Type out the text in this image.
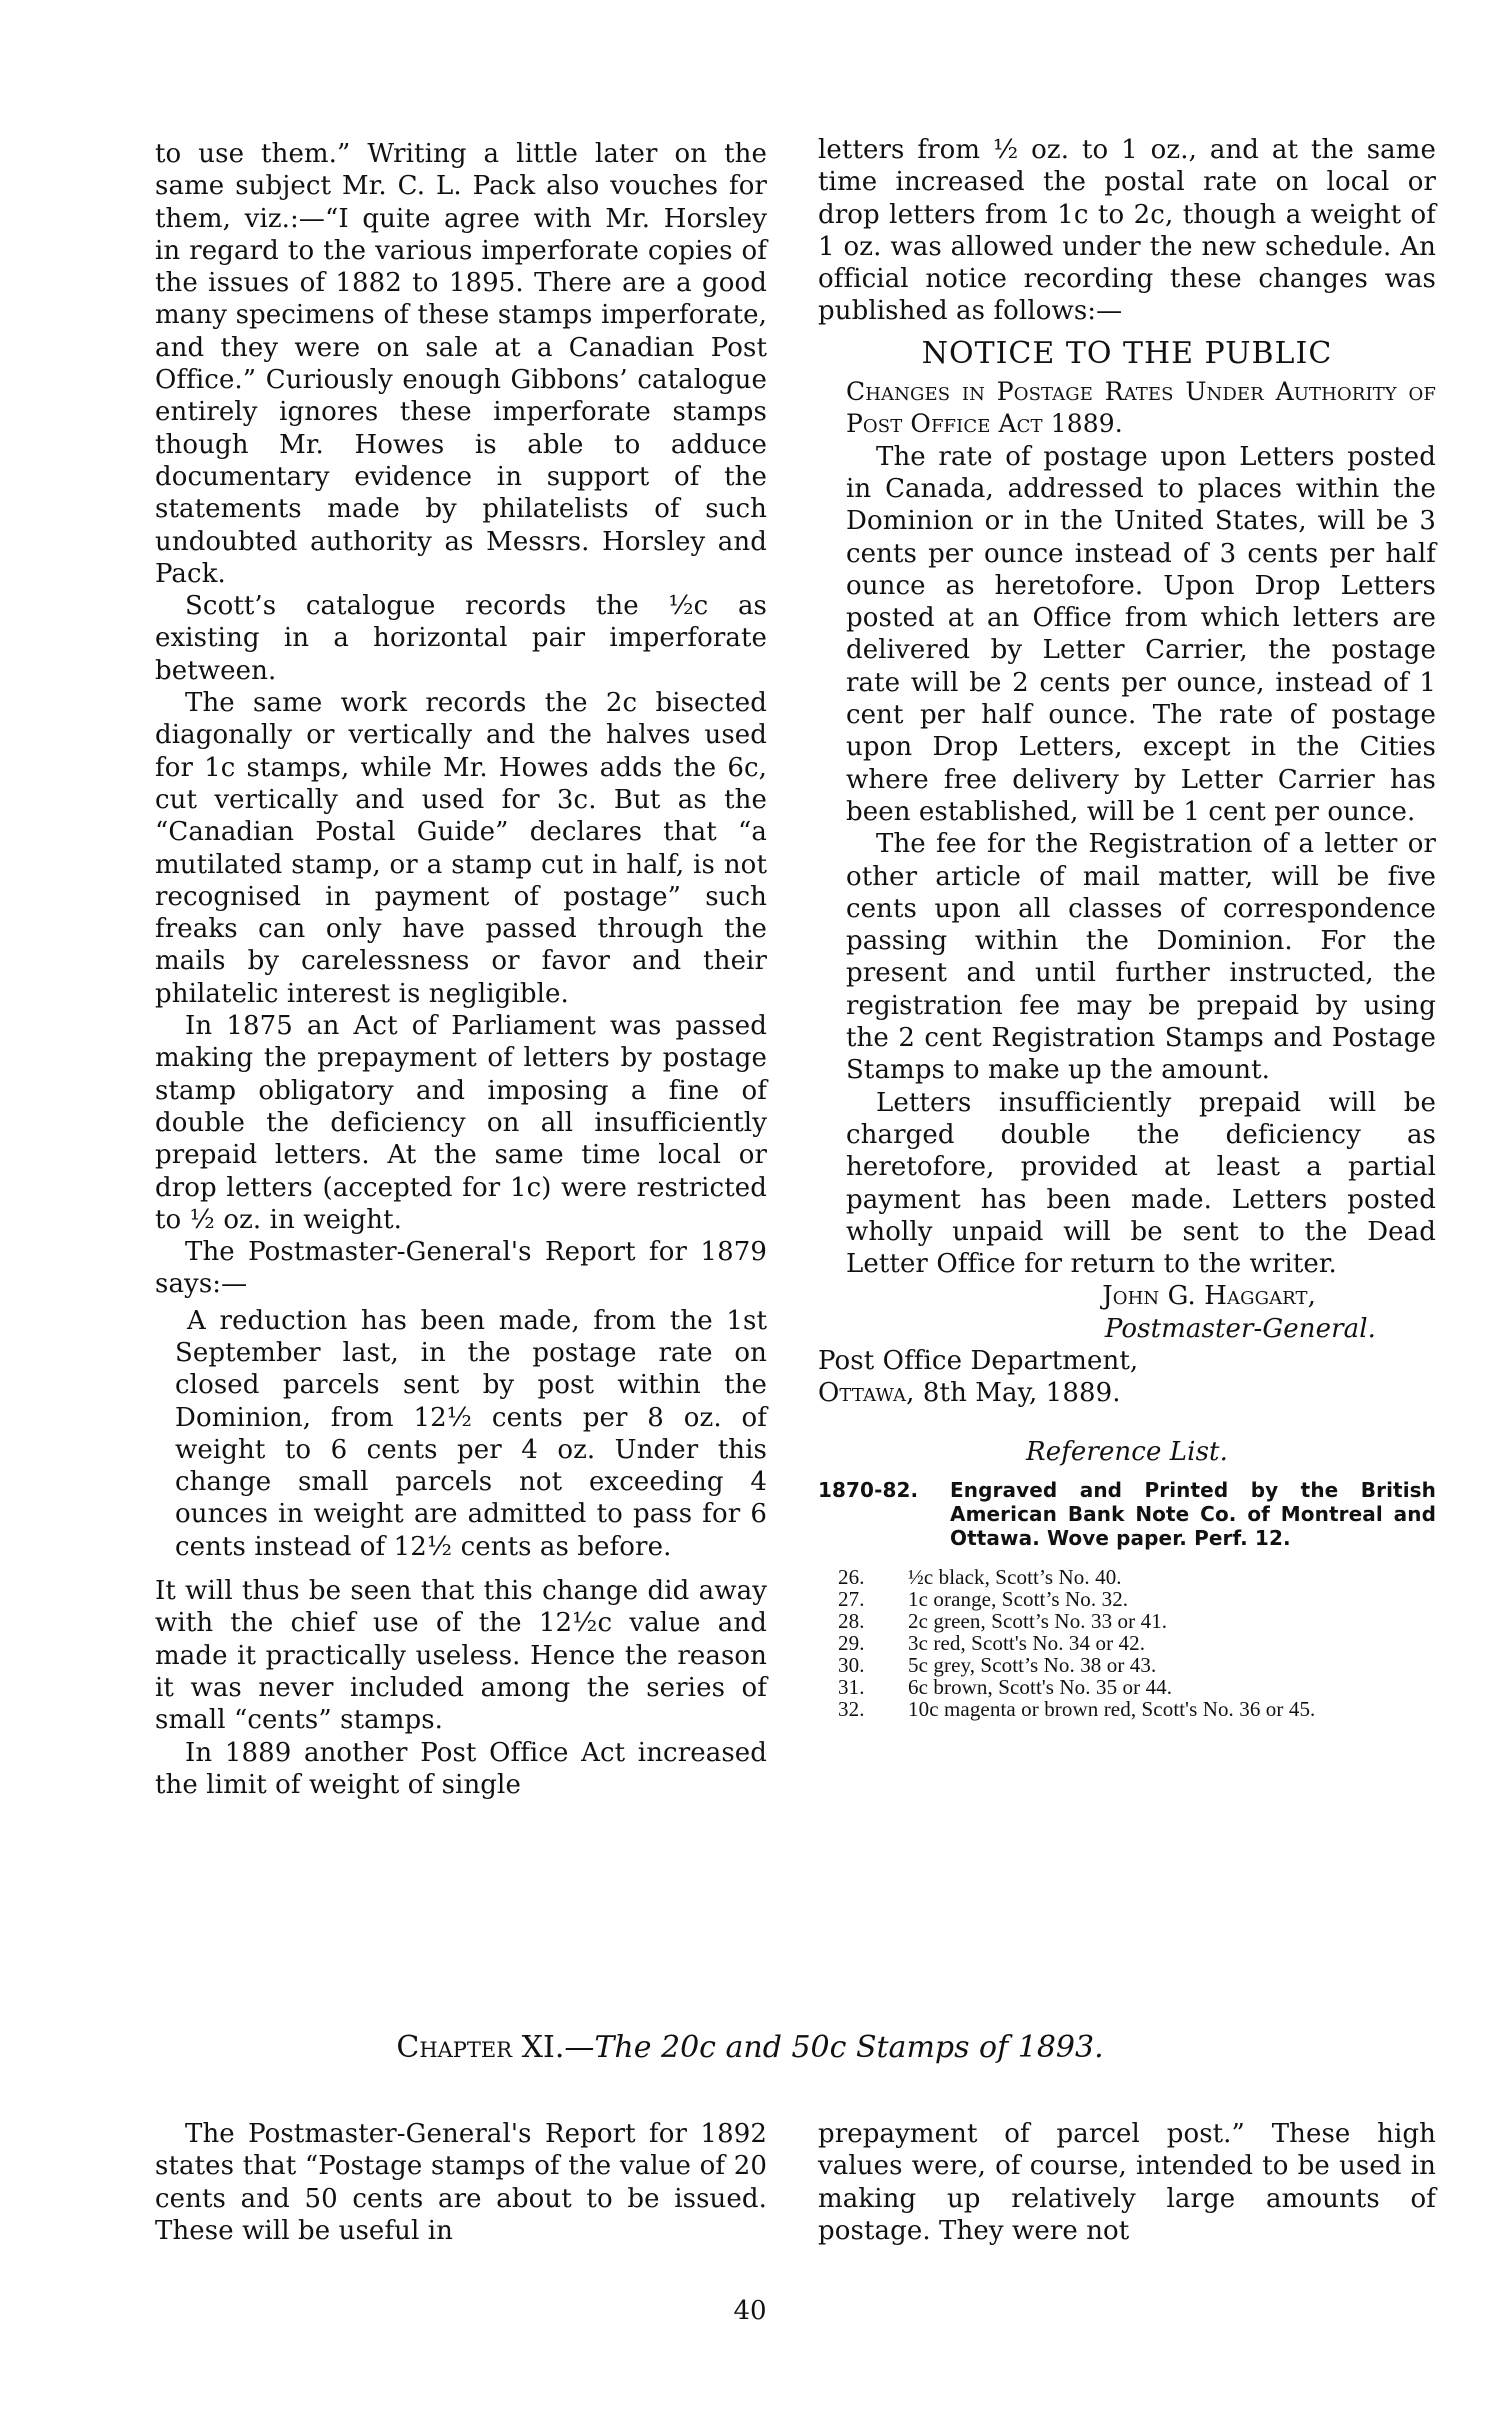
to use them.” Writing a little later on the same subject Mr. C. L. Pack also vouches for them, viz.:—“I quite agree with Mr. Horsley in regard to the various imperforate copies of the issues of 1882 to 1895. There are a good many specimens of these stamps imperforate, and they were on sale at a Canadian Post Office.” Curiously enough Gibbons’ catalogue entirely ignores these imperforate stamps though Mr. Howes is able to adduce documentary evidence in support of the statements made by philatelists of such undoubted authority as Messrs. Horsley and Pack.

Scott’s catalogue records the ½c as existing in a horizontal pair imperforate between.

The same work records the 2c bisected diagonally or vertically and the halves used for 1c stamps, while Mr. Howes adds the 6c, cut vertically and used for 3c. But as the “Canadian Postal Guide” declares that “a mutilated stamp, or a stamp cut in half, is not recognised in payment of postage” such freaks can only have passed through the mails by carelessness or favor and their philatelic interest is negligible.

In 1875 an Act of Parliament was passed making the prepayment of letters by postage stamp obligatory and imposing a fine of double the deficiency on all insufficiently prepaid letters. At the same time local or drop letters (accepted for 1c) were restricted to ½ oz. in weight.

The Postmaster-General's Report for 1879 says:—

A reduction has been made, from the 1st September last, in the postage rate on closed parcels sent by post within the Dominion, from 12½ cents per 8 oz. of weight to 6 cents per 4 oz. Under this change small parcels not exceeding 4 ounces in weight are admitted to pass for 6 cents instead of 12½ cents as before.

It will thus be seen that this change did away with the chief use of the 12½c value and made it practically useless. Hence the reason it was never included among the series of small “cents” stamps.

In 1889 another Post Office Act increased the limit of weight of single

letters from ½ oz. to 1 oz., and at the same time increased the postal rate on local or drop letters from 1c to 2c, though a weight of 1 oz. was allowed under the new schedule. An official notice recording these changes was published as follows:—

NOTICE TO THE PUBLIC

Changes in Postage Rates Under Authority of Post Office Act 1889.

The rate of postage upon Letters posted in Canada, addressed to places within the Dominion or in the United States, will be 3 cents per ounce instead of 3 cents per half ounce as heretofore. Upon Drop Letters posted at an Office from which letters are delivered by Letter Carrier, the postage rate will be 2 cents per ounce, instead of 1 cent per half ounce. The rate of postage upon Drop Letters, except in the Cities where free delivery by Letter Carrier has been established, will be 1 cent per ounce.

The fee for the Registration of a letter or other article of mail matter, will be five cents upon all classes of correspondence passing within the Dominion. For the present and until further instructed, the registration fee may be prepaid by using the 2 cent Registration Stamps and Postage Stamps to make up the amount.

Letters insufficiently prepaid will be charged double the deficiency as heretofore, provided at least a partial payment has been made. Letters posted wholly unpaid will be sent to the Dead Letter Office for return to the writer.

John G. Haggart,
Postmaster-General.
Post Office Department,
Ottawa, 8th May, 1889.
Reference List.
1870-82.	Engraved and Printed by the British American Bank Note Co. of Montreal and Ottawa. Wove paper. Perf. 12.
26.	½c black, Scott’s No. 40.
27.	1c orange, Scott’s No. 32.
28.	2c green, Scott’s No. 33 or 41.
29.	3c red, Scott's No. 34 or 42.
30.	5c grey, Scott’s No. 38 or 43.
31.	6c brown, Scott's No. 35 or 44.
32.	10c magenta or brown red, Scott's No. 36 or 45.
Chapter XI.—The 20c and 50c Stamps of 1893.

The Postmaster-General's Report for 1892 states that “Postage stamps of the value of 20 cents and 50 cents are about to be issued. These will be useful in

prepayment of parcel post.” These high values were, of course, intended to be used in making up relatively large amounts of postage. They were not

40
